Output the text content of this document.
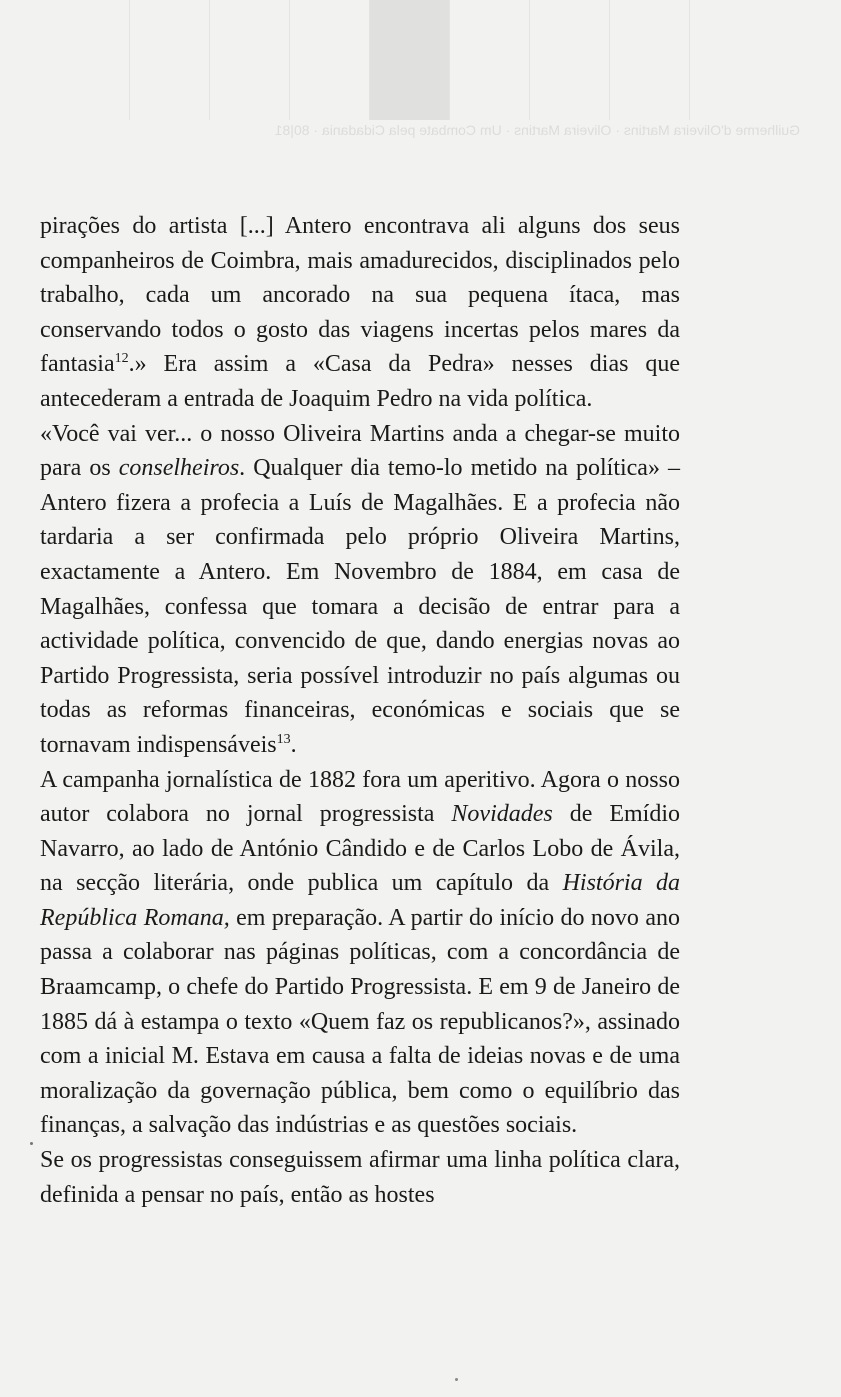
Guilherme d'Oliveira Martins · Oliveira Martins · Um Combate pela Cidadania · 80|81

pirações do artista [...] Antero encontrava ali alguns dos seus companheiros de Coimbra, mais amadurecidos, disciplinados pelo trabalho, cada um ancorado na sua pequena ítaca, mas conservando todos o gosto das viagens incertas pelos mares da fantasia$^{12}$.» Era assim a «Casa da Pedra» nesses dias que antecederam a entrada de Joaquim Pedro na vida política.

«Você vai ver... o nosso Oliveira Martins anda a chegar-se muito para os conselheiros. Qualquer dia temo-lo metido na política» – Antero fizera a profecia a Luís de Magalhães. E a profecia não tardaria a ser confirmada pelo próprio Oliveira Martins, exactamente a Antero. Em Novembro de 1884, em casa de Magalhães, confessa que tomara a decisão de entrar para a actividade política, convencido de que, dando energias novas ao Partido Progressista, seria possível introduzir no país algumas ou todas as reformas financeiras, económicas e sociais que se tornavam indispensáveis$^{13}$.

A campanha jornalística de 1882 fora um aperitivo. Agora o nosso autor colabora no jornal progressista Novidades de Emídio Navarro, ao lado de António Cândido e de Carlos Lobo de Ávila, na secção literária, onde publica um capítulo da História da República Romana, em preparação. A partir do início do novo ano passa a colaborar nas páginas políticas, com a concordância de Braamcamp, o chefe do Partido Progressista. E em 9 de Janeiro de 1885 dá à estampa o texto «Quem faz os republicanos?», assinado com a inicial M. Estava em causa a falta de ideias novas e de uma moralização da governação pública, bem como o equilíbrio das finanças, a salvação das indústrias e as questões sociais.

Se os progressistas conseguissem afirmar uma linha política clara, definida a pensar no país, então as hostes
